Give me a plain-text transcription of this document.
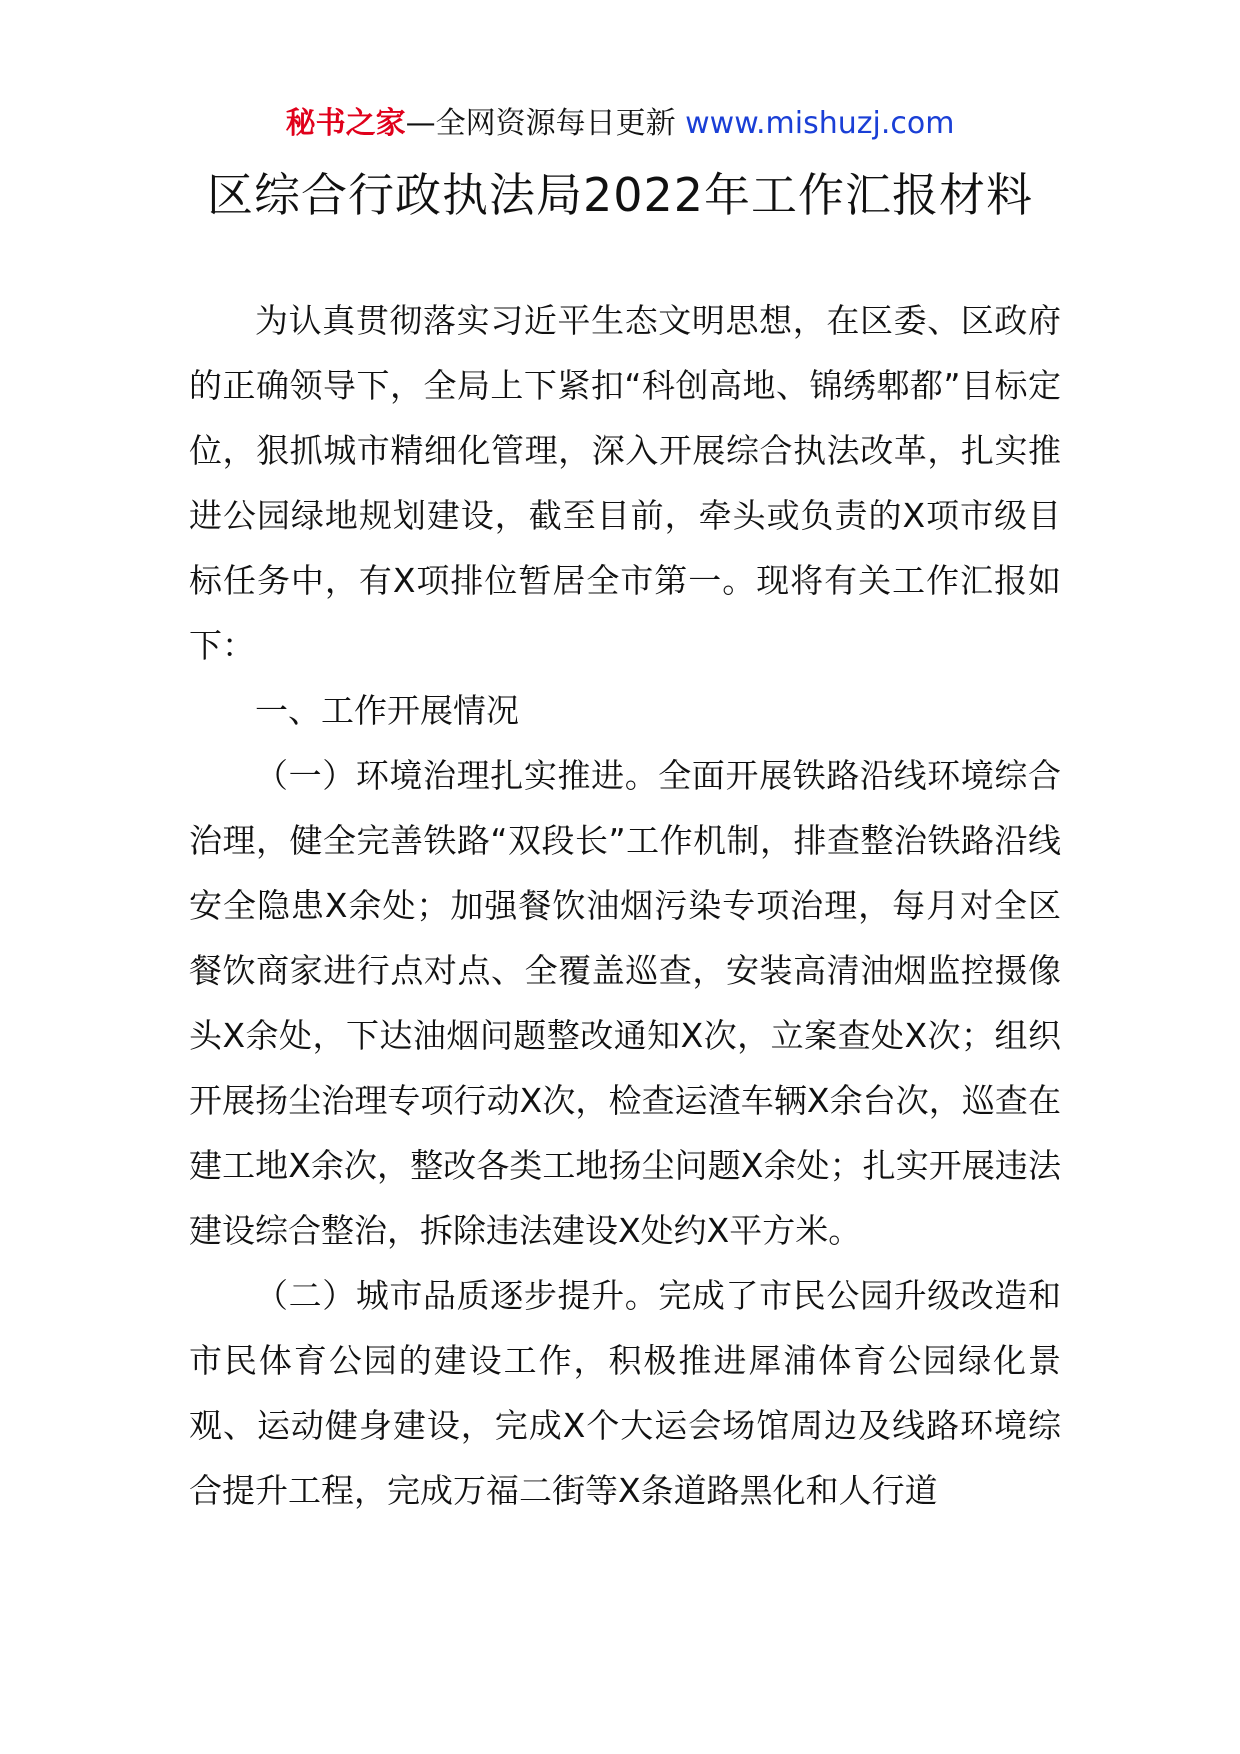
秘书之家—全网资源每日更新 www.mishuzj.com
区综合行政执法局2022年工作汇报材料

为认真贯彻落实习近平生态文明思想，在区委、区政府的正确领导下，全局上下紧扣“科创高地、锦绣郫都”目标定位，狠抓城市精细化管理，深入开展综合执法改革，扎实推进公园绿地规划建设，截至目前，牵头或负责的X项市级目标任务中，有X项排位暂居全市第一。现将有关工作汇报如下：

一、工作开展情况

（一）环境治理扎实推进。全面开展铁路沿线环境综合治理，健全完善铁路“双段长”工作机制，排查整治铁路沿线安全隐患X余处；加强餐饮油烟污染专项治理，每月对全区餐饮商家进行点对点、全覆盖巡查，安装高清油烟监控摄像头X余处，下达油烟问题整改通知X次，立案查处X次；组织开展扬尘治理专项行动X次，检查运渣车辆X余台次，巡查在建工地X余次，整改各类工地扬尘问题X余处；扎实开展违法建设综合整治，拆除违法建设X处约X平方米。

（二）城市品质逐步提升。完成了市民公园升级改造和市民体育公园的建设工作，积极推进犀浦体育公园绿化景观、运动健身建设，完成X个大运会场馆周边及线路环境综合提升工程，完成万福二街等X条道路黑化和人行道
